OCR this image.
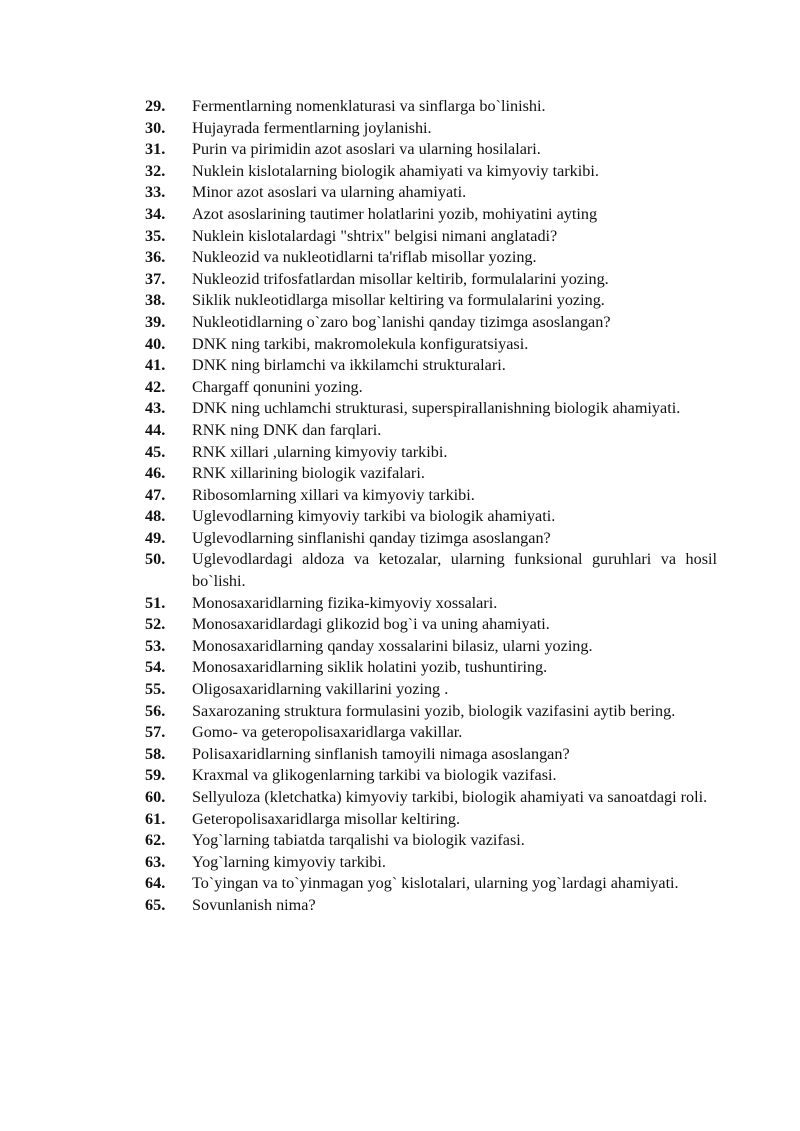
29.	Fermentlarning nomenklaturasi va sinflarga bo`linishi.
30.	Hujayrada fermentlarning joylanishi.
31.	Purin va pirimidin azot asoslari va ularning hosilalari.
32.	Nuklein kislotalarning biologik ahamiyati va kimyoviy tarkibi.
33.	Minor azot asoslari va ularning ahamiyati.
34.	Azot asoslarining tautimer holatlarini yozib, mohiyatini ayting
35.	Nuklein kislotalardagi "shtrix" belgisi nimani anglatadi?
36.	Nukleozid va nukleotidlarni ta'riflab misollar yozing.
37.	Nukleozid trifosfatlardan misollar keltirib, formulalarini yozing.
38.	Siklik nukleotidlarga misollar keltiring va formulalarini yozing.
39.	Nukleotidlarning o`zaro bog`lanishi qanday tizimga asoslangan?
40.	DNK ning tarkibi, makromolekula konfiguratsiyasi.
41.	DNK ning birlamchi va ikkilamchi strukturalari.
42.	Chargaff qonunini yozing.
43.	DNK ning uchlamchi strukturasi, superspirallanishning biologik ahamiyati.
44.	RNK ning DNK dan farqlari.
45.	RNK xillari ,ularning kimyoviy tarkibi.
46.	RNK xillarining biologik vazifalari.
47.	Ribosomlarning xillari va kimyoviy tarkibi.
48.	Uglevodlarning kimyoviy tarkibi va biologik ahamiyati.
49.	Uglevodlarning sinflanishi qanday tizimga asoslangan?
50.	Uglevodlardagi aldoza va ketozalar, ularning funksional guruhlari va hosil bo`lishi.
51.	Monosaxaridlarning fizika-kimyoviy xossalari.
52.	Monosaxaridlardagi glikozid bog`i va uning ahamiyati.
53.	Monosaxaridlarning qanday xossalarini bilasiz, ularni yozing.
54.	Monosaxaridlarning siklik holatini yozib, tushuntiring.
55.	Oligosaxaridlarning vakillarini yozing .
56.	Saxarozaning struktura formulasini yozib, biologik vazifasini aytib bering.
57.	Gomo- va geteropolisaxaridlarga vakillar.
58.	Polisaxaridlarning sinflanish tamoyili nimaga asoslangan?
59.	Kraxmal va glikogenlarning tarkibi va biologik vazifasi.
60.	Sellyuloza (kletchatka) kimyoviy tarkibi, biologik ahamiyati va sanoatdagi roli.
61.	Geteropolisaxaridlarga misollar keltiring.
62.	Yog`larning tabiatda tarqalishi va biologik vazifasi.
63.	Yog`larning kimyoviy tarkibi.
64.	To`yingan va to`yinmagan yog` kislotalari, ularning yog`lardagi ahamiyati.
65.	Sovunlanish nima?
